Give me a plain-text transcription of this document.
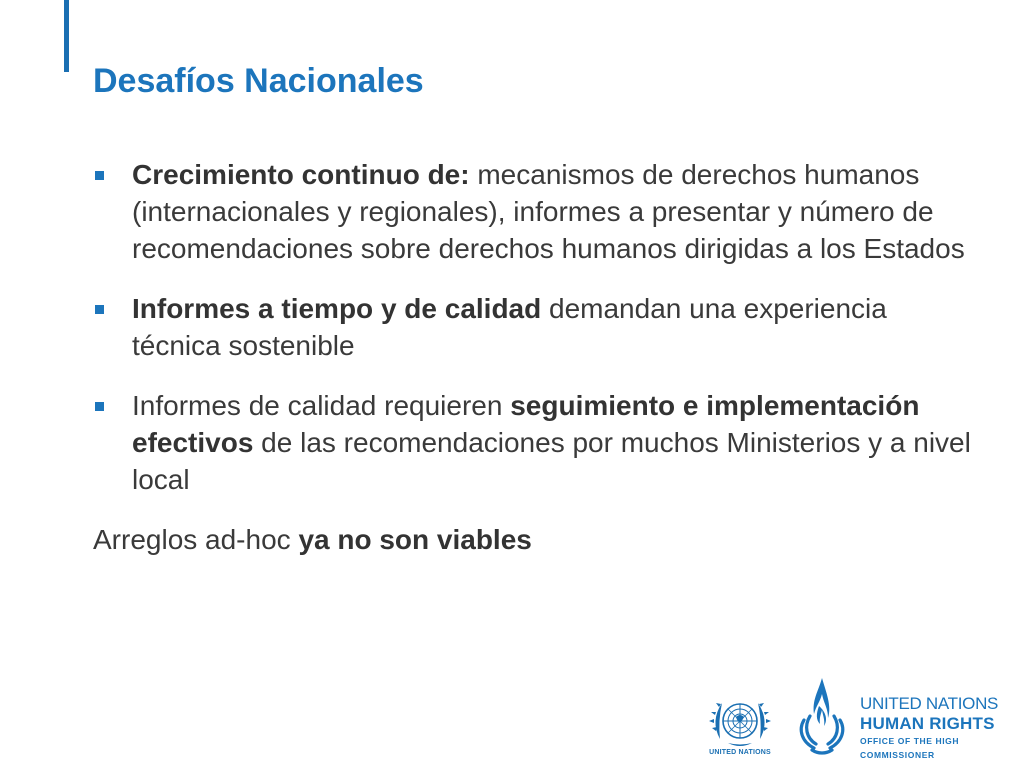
Desafíos Nacionales
Crecimiento continuo de: mecanismos de derechos humanos (internacionales y regionales), informes a presentar y número de recomendaciones sobre derechos humanos dirigidas a los Estados
Informes a tiempo y de calidad demandan una experiencia técnica sostenible
Informes de calidad requieren seguimiento e implementación efectivos de las recomendaciones por muchos Ministerios y a nivel local
Arreglos ad-hoc ya no son viables
UNITED NATIONS
UNITED NATIONS
HUMAN RIGHTS
OFFICE OF THE HIGH COMMISSIONER
